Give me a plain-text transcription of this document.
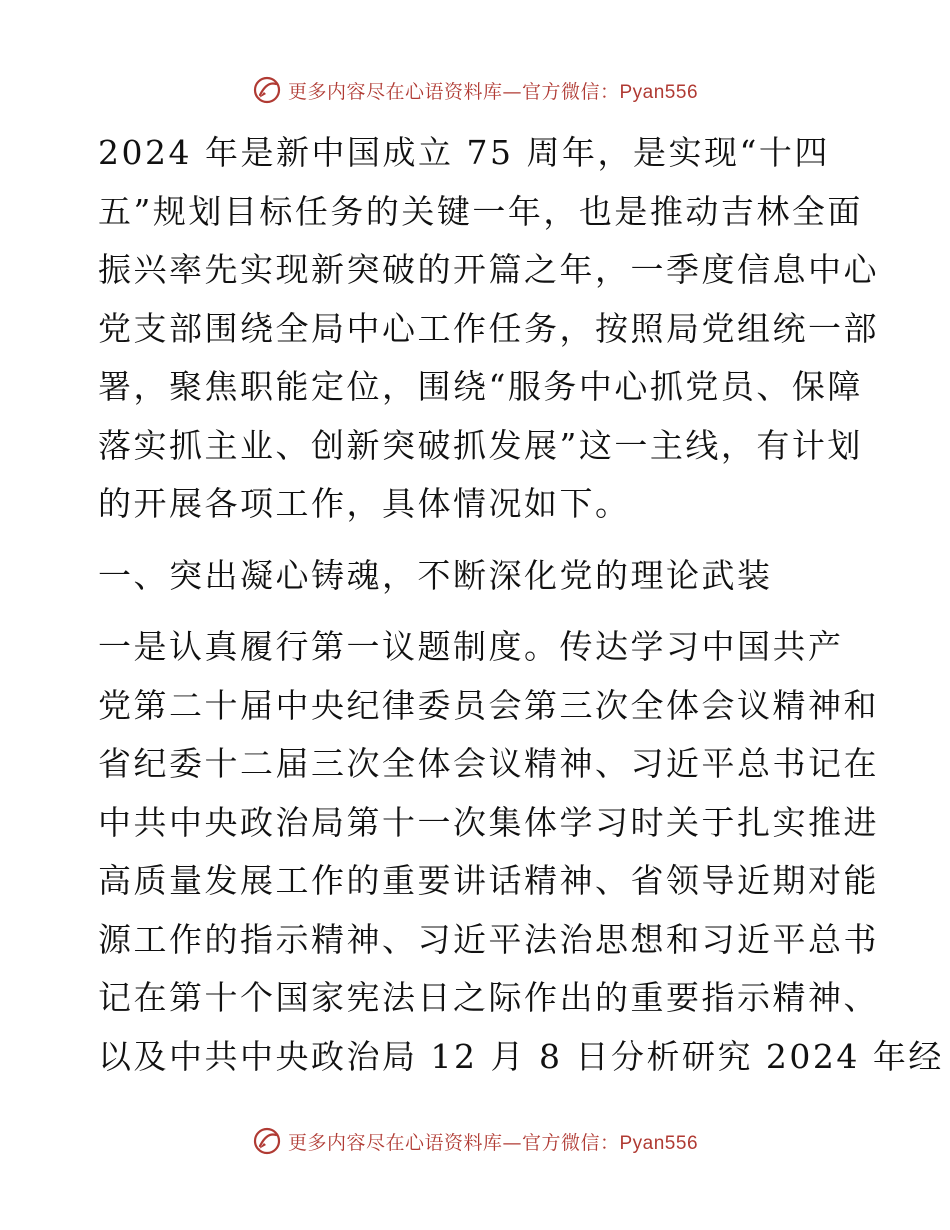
更多内容尽在心语资料库—官方微信：Pyan556
2024 年是新中国成立 75 周年，是实现“十四
五”规划目标任务的关键一年，也是推动吉林全面
振兴率先实现新突破的开篇之年，一季度信息中心
党支部围绕全局中心工作任务，按照局党组统一部
署，聚焦职能定位，围绕“服务中心抓党员、保障
落实抓主业、创新突破抓发展”这一主线，有计划
的开展各项工作，具体情况如下。
一、突出凝心铸魂，不断深化党的理论武装
一是认真履行第一议题制度。传达学习中国共产
党第二十届中央纪律委员会第三次全体会议精神和
省纪委十二届三次全体会议精神、习近平总书记在
中共中央政治局第十一次集体学习时关于扎实推进
高质量发展工作的重要讲话精神、省领导近期对能
源工作的指示精神、习近平法治思想和习近平总书
记在第十个国家宪法日之际作出的重要指示精神、
以及中共中央政治局 12 月 8 日分析研究 2024 年经
更多内容尽在心语资料库—官方微信：Pyan556
